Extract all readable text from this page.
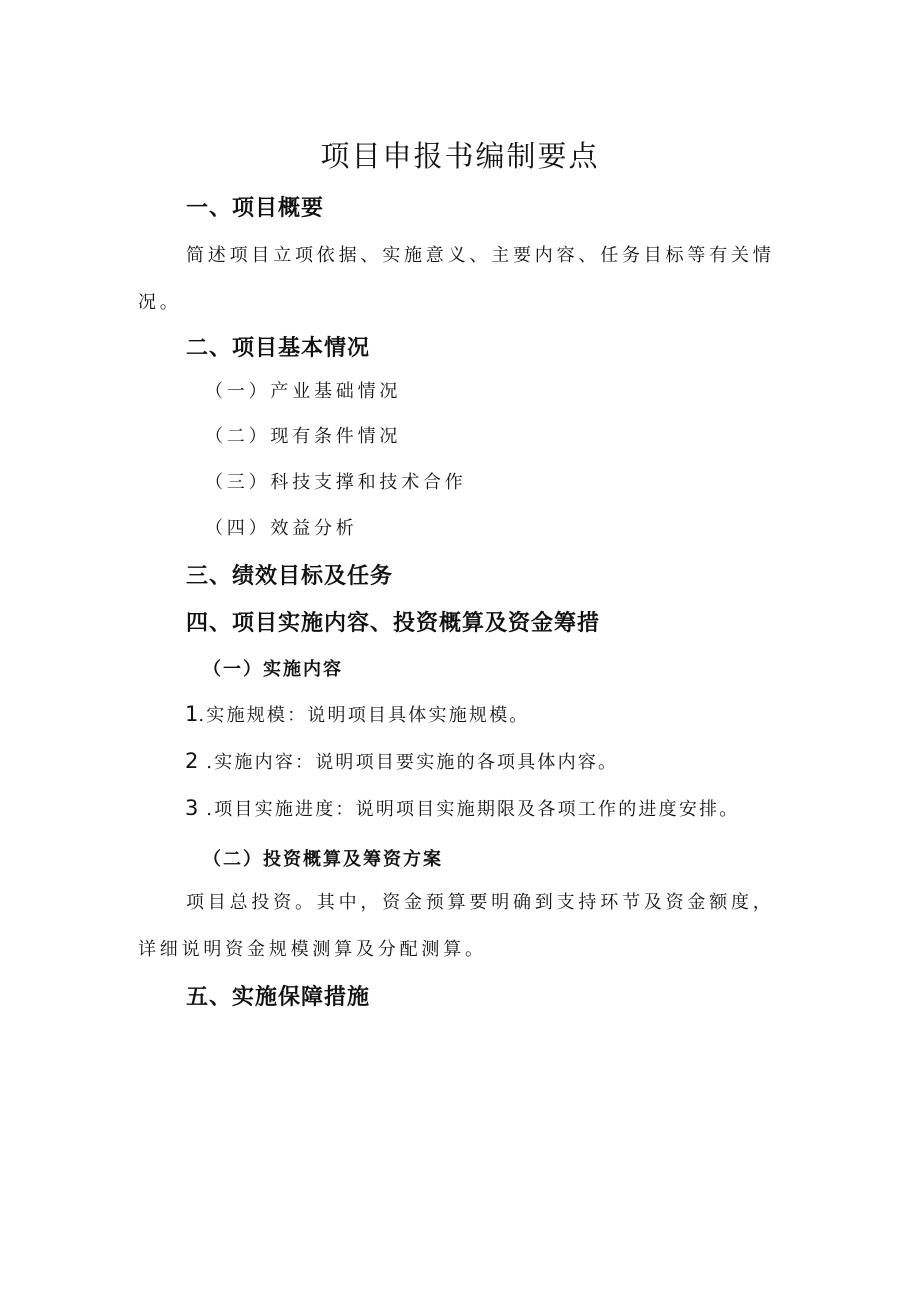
项目申报书编制要点
一、项目概要

简述项目立项依据、实施意义、主要内容、任务目标等有关情

况。

二、项目基本情况
（一）产业基础情况
（二）现有条件情况
（三）科技支撑和技术合作
（四）效益分析
三、绩效目标及任务
四、项目实施内容、投资概算及资金筹措
（一）实施内容
1.实施规模：说明项目具体实施规模。
2 .实施内容：说明项目要实施的各项具体内容。
3 .项目实施进度：说明项目实施期限及各项工作的进度安排。
（二）投资概算及筹资方案

项目总投资。其中，资金预算要明确到支持环节及资金额度，

详细说明资金规模测算及分配测算。

五、实施保障措施
